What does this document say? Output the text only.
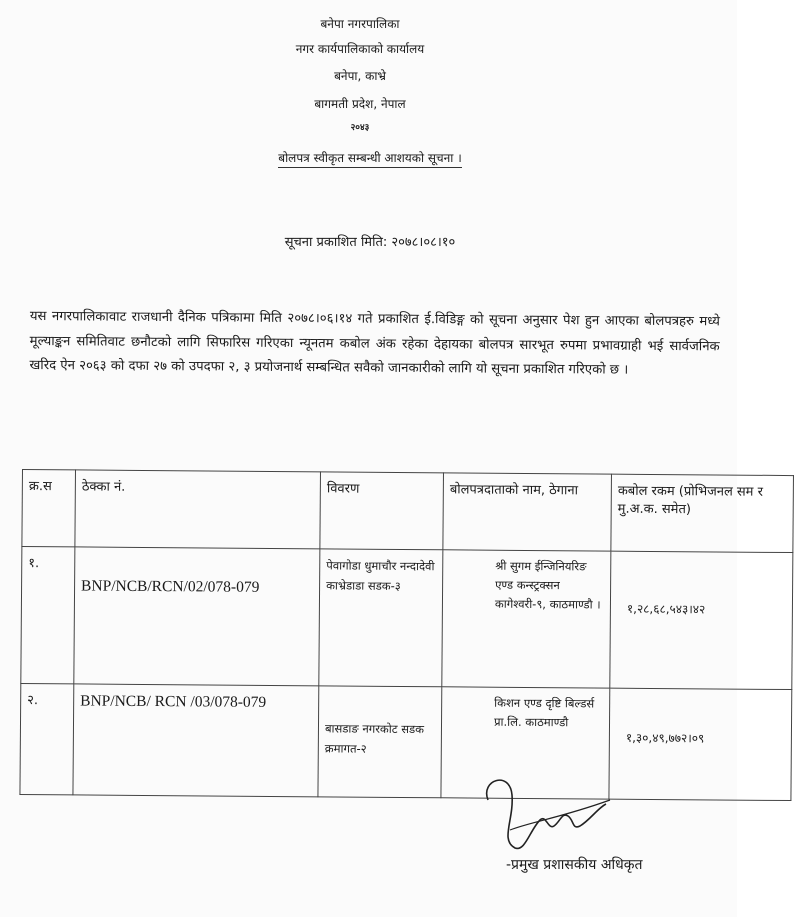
बनेपा नगरपालिका
नगर कार्यपालिकाको कार्यालय
बनेपा, काभ्रे
बागमती प्रदेश, नेपाल
२०४३
बोलपत्र स्वीकृत सम्बन्धी आशयको सूचना ।
सूचना प्रकाशित मिति: २०७८।०८।१०
यस नगरपालिकावाट राजधानी दैनिक पत्रिकामा मिति २०७८।०६।१४ गते प्रकाशित ई.विडिङ्ग को सूचना अनुसार पेश हुन आएका बोलपत्रहरु मध्ये मूल्याङ्कन समितिवाट छनौटको लागि सिफारिस गरिएका न्यूनतम कबोल अंक रहेका देहायका बोलपत्र सारभूत रुपमा प्रभावग्राही भई सार्वजनिक खरिद ऐन २०६३ को दफा २७ को उपदफा २, ३ प्रयोजनार्थ सम्बन्धित सवैको जानकारीको लागि यो सूचना प्रकाशित गरिएको छ ।
क्र.स	ठेक्का नं.	विवरण	बोलपत्रदाताको नाम, ठेगाना	कबोल रकम (प्रोभिजनल सम र मु.अ.क. समेत)
१.	BNP/NCB/RCN/02/078-079	पेवागोडा धुमाचौर नन्दादेवी काभ्रेडाडा सडक-३	श्री सुगम ईन्जिनियरिङ एण्ड कन्स्ट्रक्सन कागेश्वरी-९, काठमाण्डौ ।	१,२८,६८,५४३।४२

२.	BNP/NCB/ RCN /03/078-079	बासडाङ नगरकोट सडक क्रमागत-२	किशन एण्ड दृष्टि बिल्डर्स प्रा.लि. काठमाण्डौ	१,३०,४९,७७२।०९
-प्रमुख प्रशासकीय अधिकृत
